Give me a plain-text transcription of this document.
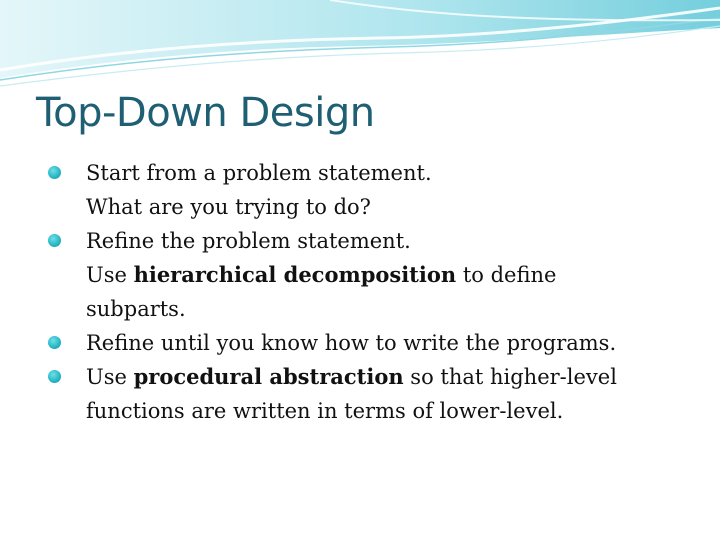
Top-Down Design
Start from a problem statement.
What are you trying to do?
Refine the problem statement.
Use hierarchical decomposition to define
subparts.
Refine until you know how to write the programs.
Use procedural abstraction so that higher-level
functions are written in terms of lower-level.
